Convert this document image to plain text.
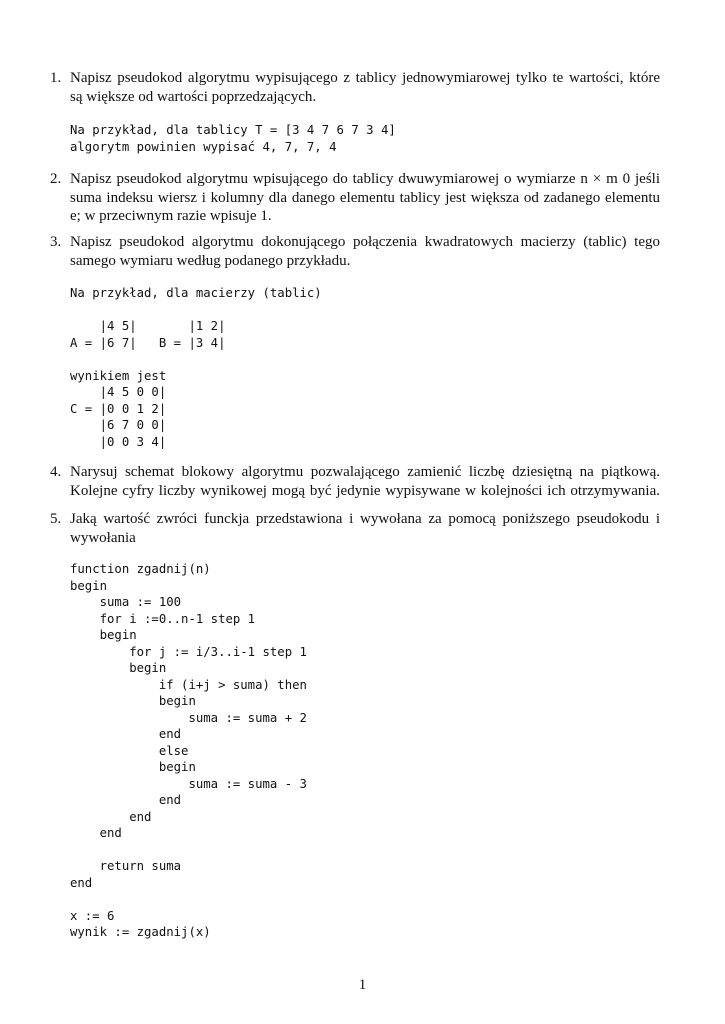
1. Napisz pseudokod algorytmu wypisującego z tablicy jednowymiarowej tylko te wartości, które
są większe od wartości poprzedzających.
Na przykład, dla tablicy T = [3 4 7 6 7 3 4]
algorytm powinien wypisać 4, 7, 7, 4
2. Napisz pseudokod algorytmu wpisującego do tablicy dwuwymiarowej o wymiarze n × m 0 jeśli
suma indeksu wiersz i kolumny dla danego elementu tablicy jest większa od zadanego elementu
e; w przeciwnym razie wpisuje 1.
3. Napisz pseudokod algorytmu dokonującego połączenia kwadratowych macierzy (tablic) tego
samego wymiaru według podanego przykładu.
Na przykład, dla macierzy (tablic)

|4 5|       |1 2|
A = |6 7|   B = |3 4|

wynikiem jest
|4 5 0 0|
C = |0 0 1 2|
|6 7 0 0|
|0 0 3 4|
4. Narysuj schemat blokowy algorytmu pozwalającego zamienić liczbę dziesiętną na piątkową.
Kolejne cyfry liczby wynikowej mogą być jedynie wypisywane w kolejności ich otrzymywania.
5. Jaką wartość zwróci funckja przedstawiona i wywołana za pomocą poniższego pseudokodu i
wywołania
function zgadnij(n)
begin
suma := 100
for i :=0..n-1 step 1
begin
for j := i/3..i-1 step 1
begin
if (i+j > suma) then
begin
suma := suma + 2
end
else
begin
suma := suma - 3
end
end
end

return suma
end

x := 6
wynik := zgadnij(x)
1
